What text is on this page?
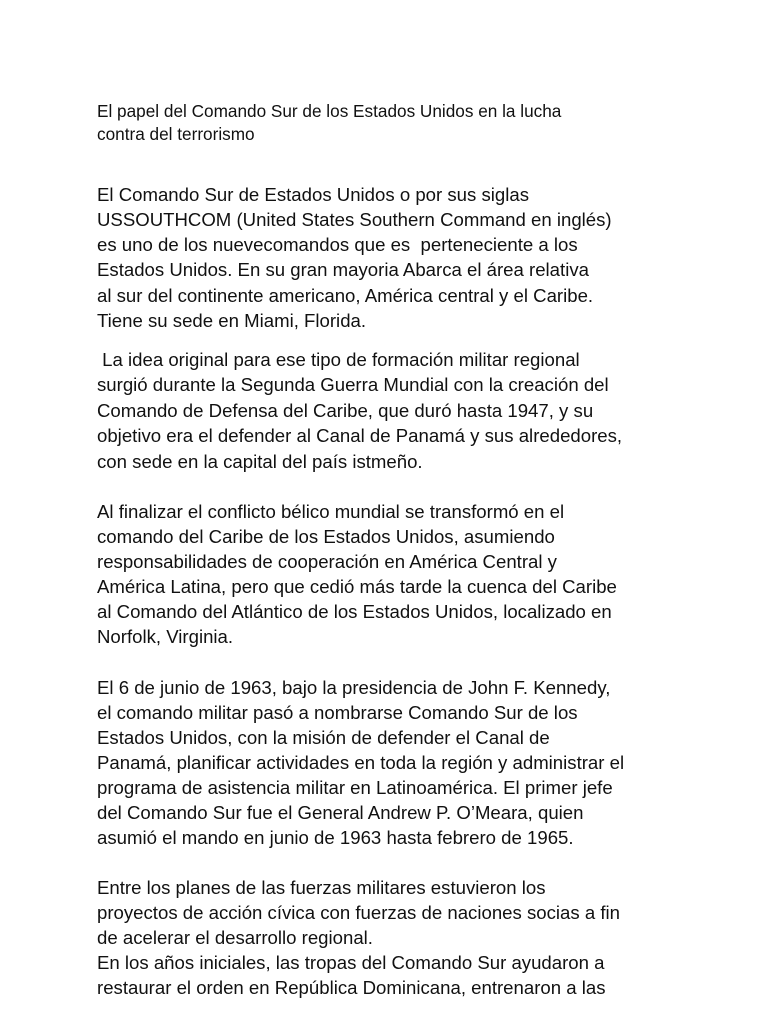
El papel del Comando Sur de los Estados Unidos en la lucha
contra del terrorismo
El Comando Sur de Estados Unidos o por sus siglas
USSOUTHCOM (United States Southern Command en inglés)
es uno de los nuevecomandos que es  perteneciente a los
Estados Unidos. En su gran mayoria Abarca el área relativa
al sur del continente americano, América central y el Caribe.
Tiene su sede en Miami, Florida.
La idea original para ese tipo de formación militar regional
surgió durante la Segunda Guerra Mundial con la creación del
Comando de Defensa del Caribe, que duró hasta 1947, y su
objetivo era el defender al Canal de Panamá y sus alrededores,
con sede en la capital del país istmeño.
Al finalizar el conflicto bélico mundial se transformó en el
comando del Caribe de los Estados Unidos, asumiendo
responsabilidades de cooperación en América Central y
América Latina, pero que cedió más tarde la cuenca del Caribe
al Comando del Atlántico de los Estados Unidos, localizado en
Norfolk, Virginia.
El 6 de junio de 1963, bajo la presidencia de John F. Kennedy,
el comando militar pasó a nombrarse Comando Sur de los
Estados Unidos, con la misión de defender el Canal de
Panamá, planificar actividades en toda la región y administrar el
programa de asistencia militar en Latinoamérica. El primer jefe
del Comando Sur fue el General Andrew P. O’Meara, quien
asumió el mando en junio de 1963 hasta febrero de 1965.
Entre los planes de las fuerzas militares estuvieron los
proyectos de acción cívica con fuerzas de naciones socias a fin
de acelerar el desarrollo regional.
En los años iniciales, las tropas del Comando Sur ayudaron a
restaurar el orden en República Dominicana, entrenaron a las
